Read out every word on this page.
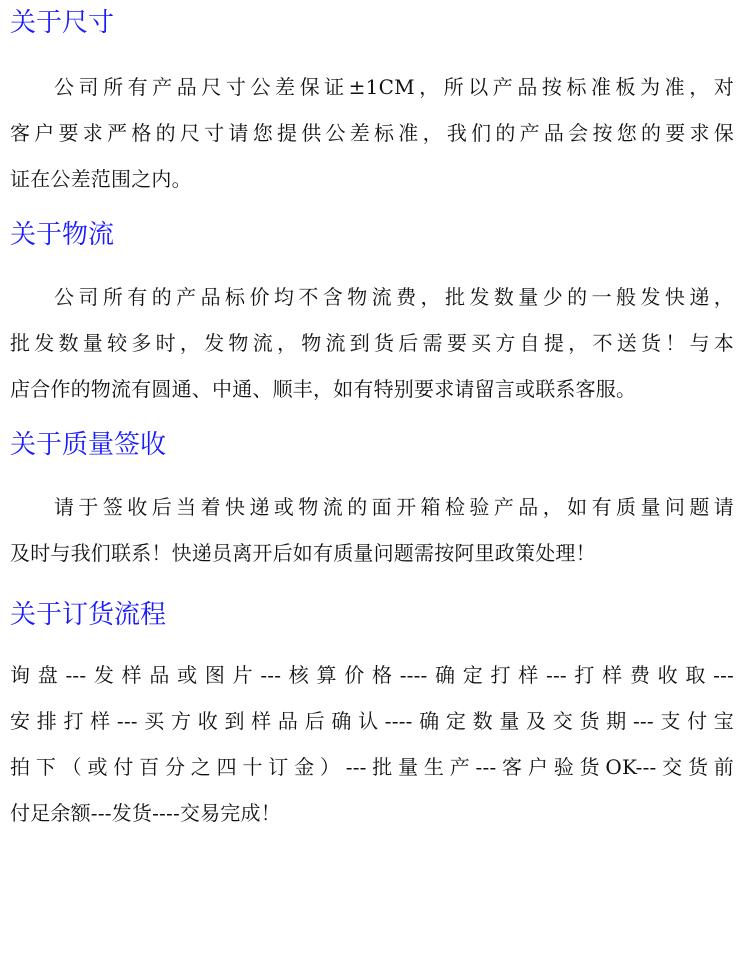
关于尺寸

公司所有产品尺寸公差保证±1CM，所以产品按标准板为准，对
客户要求严格的尺寸请您提供公差标准，我们的产品会按您的要求保
证在公差范围之内。

关于物流

公司所有的产品标价均不含物流费，批发数量少的一般发快递，
批发数量较多时，发物流，物流到货后需要买方自提，不送货！与本
店合作的物流有圆通、中通、顺丰，如有特别要求请留言或联系客服。

关于质量签收

请于签收后当着快递或物流的面开箱检验产品，如有质量问题请
及时与我们联系！快递员离开后如有质量问题需按阿里政策处理！

关于订货流程

询盘---发样品或图片---核算价格----确定打样---打样费收取---
安排打样---买方收到样品后确认----确定数量及交货期---支付宝
拍下（或付百分之四十订金）---批量生产---客户验货OK---交货前
付足余额---发货----交易完成！
